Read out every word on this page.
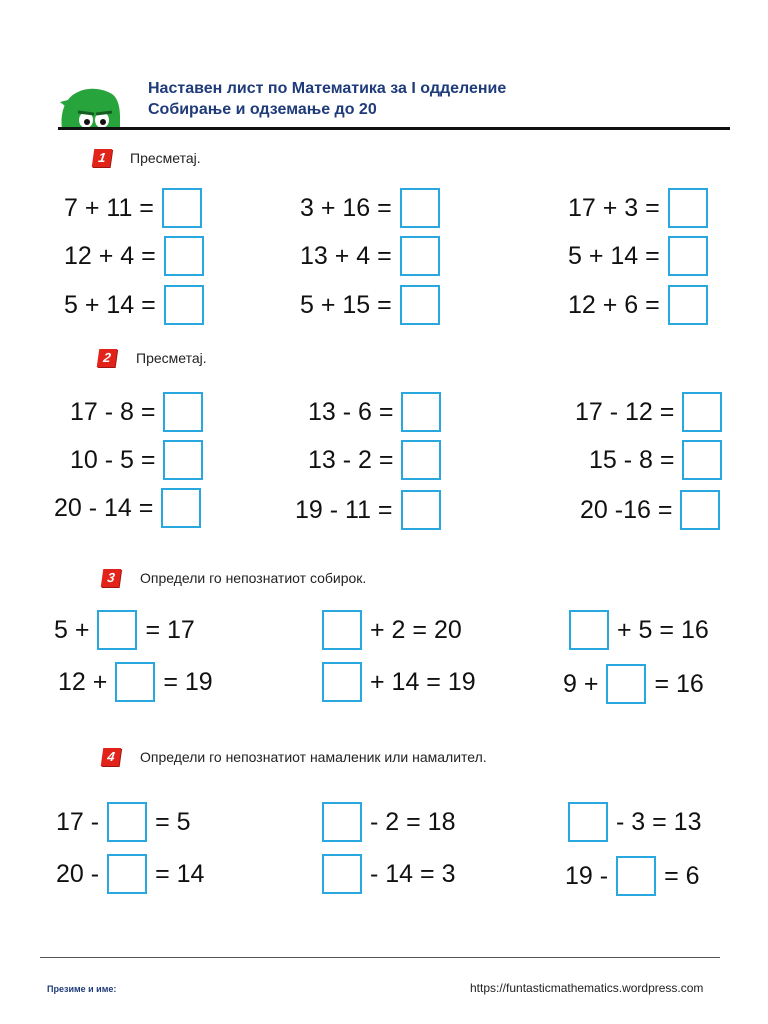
Наставен лист по Математика за I одделение
Собирање и одземање до 20
1	Пресметај.
7 + 11 =	3 + 16 =	17 + 3 =
12 + 4 =	13 + 4 =	5 + 14 =
5 + 14 =	5 + 15 =	12 + 6 =
2	Пресметај.
17 - 8 =	13 - 6 =	17 - 12 =
10 - 5 =	13 - 2 =	15 - 8 =
20 - 14 =	19 - 11 =	20 -16 =
3	Определи го непознатиот собирок.
5 + = 17	+ 2 = 20	+ 5 = 16
12 + = 19	+ 14 = 19	9 + = 16
4	Определи го непознатиот намаленик или намалител.
17 - = 5	- 2 = 18	- 3 = 13
20 - = 14	- 14 = 3	19 - = 6
Презиме и име:	https://funtasticmathematics.wordpress.com
